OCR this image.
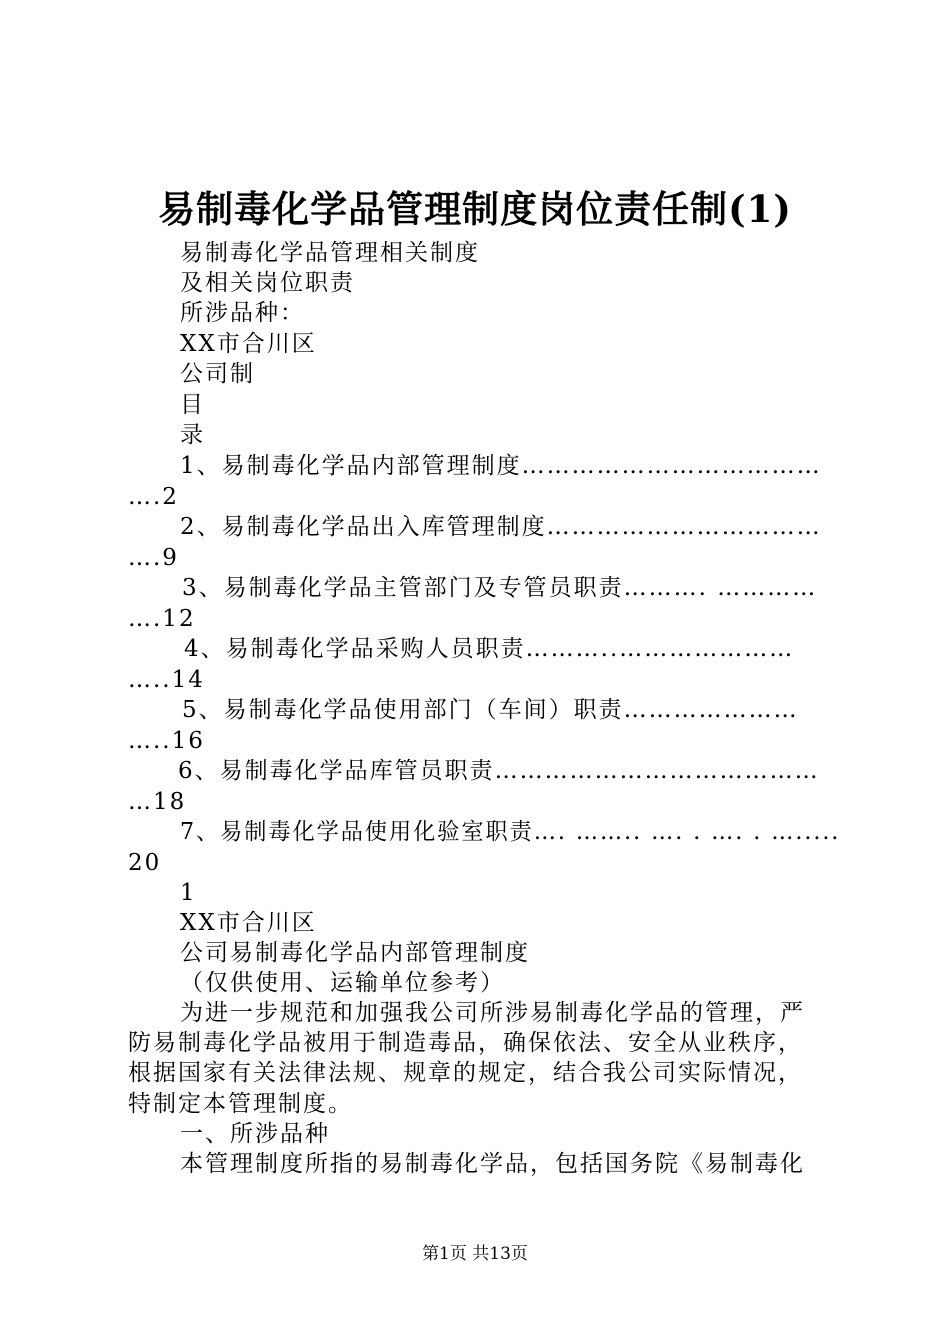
易制毒化学品管理制度岗位责任制(1)
易制毒化学品管理相关制度
及相关岗位职责
所涉品种：
XX市合川区
公司制
目
录
1、易制毒化学品内部管理制度………………………………
….2
2、易制毒化学品出入库管理制度……………………………
….9
3、易制毒化学品主管部门及专管员职责………. …………
….12
4、易制毒化学品采购人员职责………..…………………
…..14
5、易制毒化学品使用部门（车间）职责…………………
…..16
6、易制毒化学品库管员职责…………………………………
…18
7、易制毒化学品使用化验室职责…. …….. …. . …. . ….....
20
1
XX市合川区
公司易制毒化学品内部管理制度
（仅供使用、运输单位参考）
为进一步规范和加强我公司所涉易制毒化学品的管理，严
防易制毒化学品被用于制造毒品，确保依法、安全从业秩序，
根据国家有关法律法规、规章的规定，结合我公司实际情况，
特制定本管理制度。
一、所涉品种
本管理制度所指的易制毒化学品，包括国务院《易制毒化
第1页 共13页
